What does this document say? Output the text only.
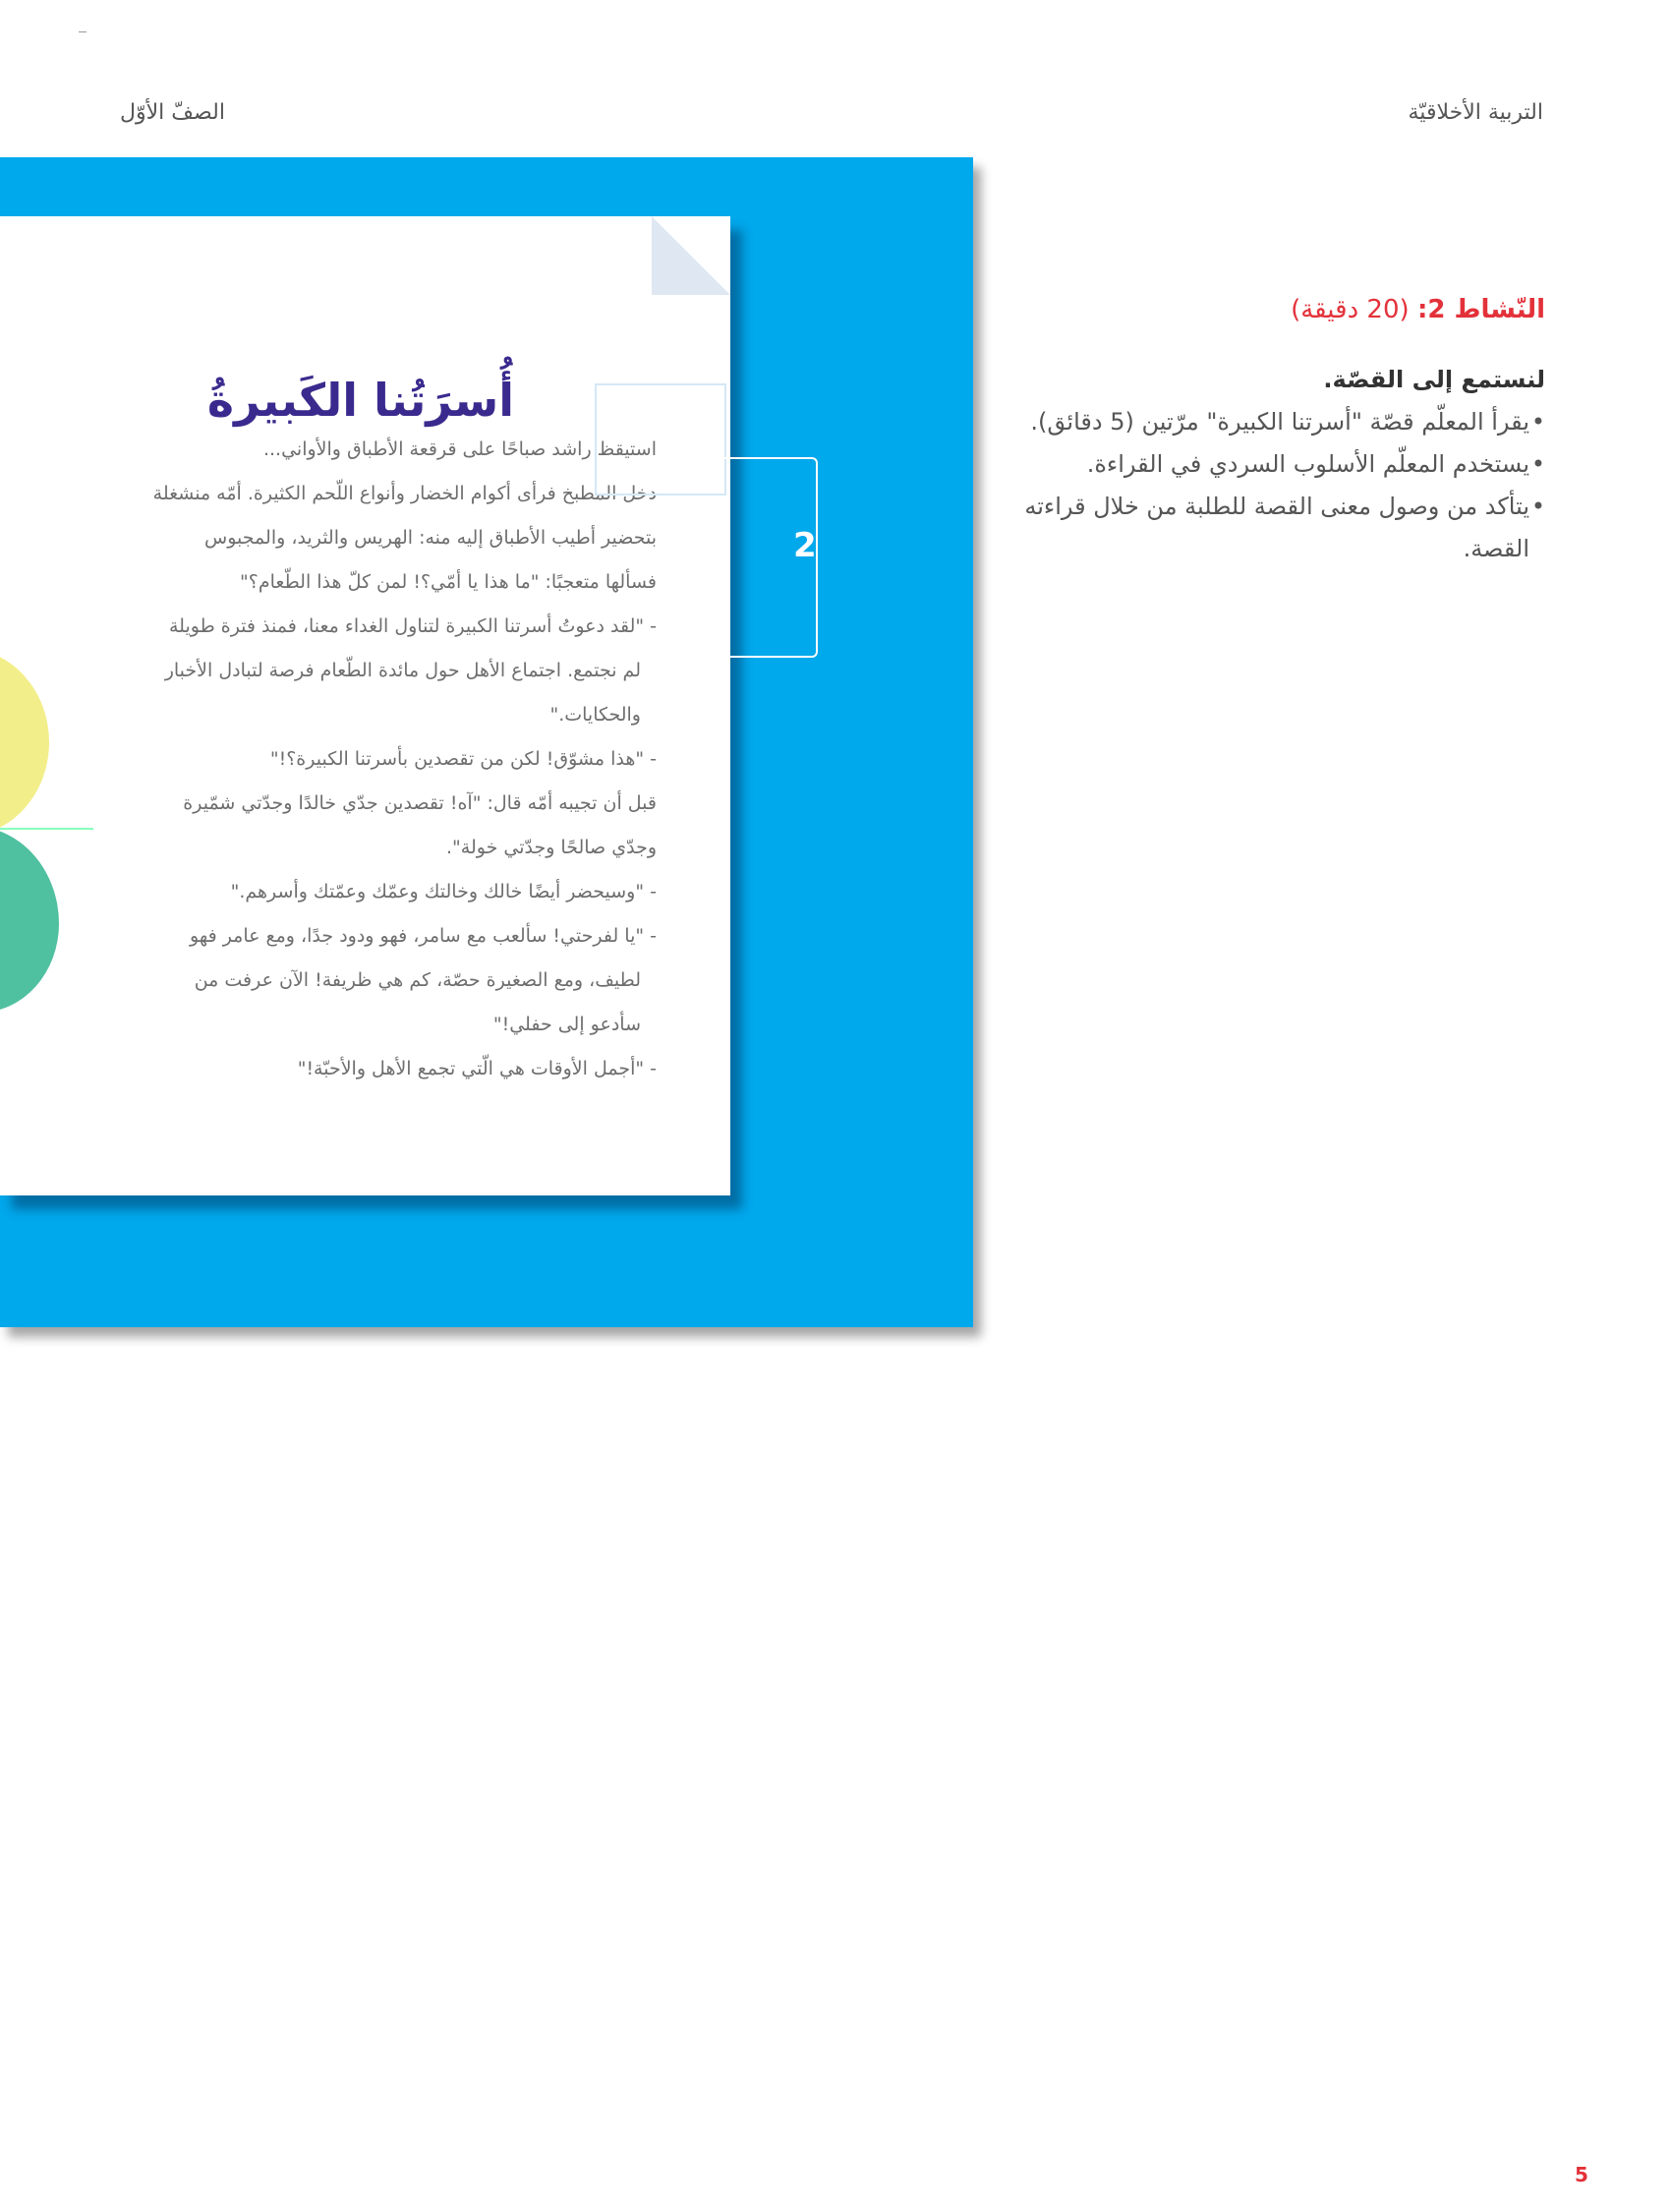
الصفّ الأوّل	التربية الأخلاقيّة
أُسرَتُنا الكَبيرةُ

استيقظ راشد صباحًا على قرقعة الأطباق والأواني...

دخل المطبخ فرأى أكوام الخضار وأنواع اللّحم الكثيرة. أمّه منشغلة

بتحضير أطيب الأطباق إليه منه: الهريس والثريد، والمجبوس

فسألها متعجبًا: "ما هذا يا أمّي؟! لمن كلّ هذا الطّعام؟"

- "لقد دعوتُ أسرتنا الكبيرة لتناول الغداء معنا، فمنذ فترة طويلة

لم نجتمع. اجتماع الأهل حول مائدة الطّعام فرصة لتبادل الأخبار

والحكايات."

- "هذا مشوّق! لكن من تقصدين بأسرتنا الكبيرة؟!"

قبل أن تجيبه أمّه قال: "آه! تقصدين جدّي خالدًا وجدّتي شمّيرة

وجدّي صالحًا وجدّتي خولة".

- "وسيحضر أيضًا خالك وخالتك وعمّك وعمّتك وأسرهم."

- "يا لفرحتي! سألعب مع سامر، فهو ودود جدًا، ومع عامر فهو

لطيف، ومع الصغيرة حصّة، كم هي ظريفة! الآن عرفت من

سأدعو إلى حفلي!"

- "أجمل الأوقات هي الّتي تجمع الأهل والأحبّة!"

2
5
النّشاط 2: (20 دقيقة)
لنستمع إلى القصّة.
• يقرأ المعلّم قصّة "أسرتنا الكبيرة" مرّتين (5 دقائق).
• يستخدم المعلّم الأسلوب السردي في القراءة.
• يتأكد من وصول معنى القصة للطلبة من خلال قراءته القصة.
5
